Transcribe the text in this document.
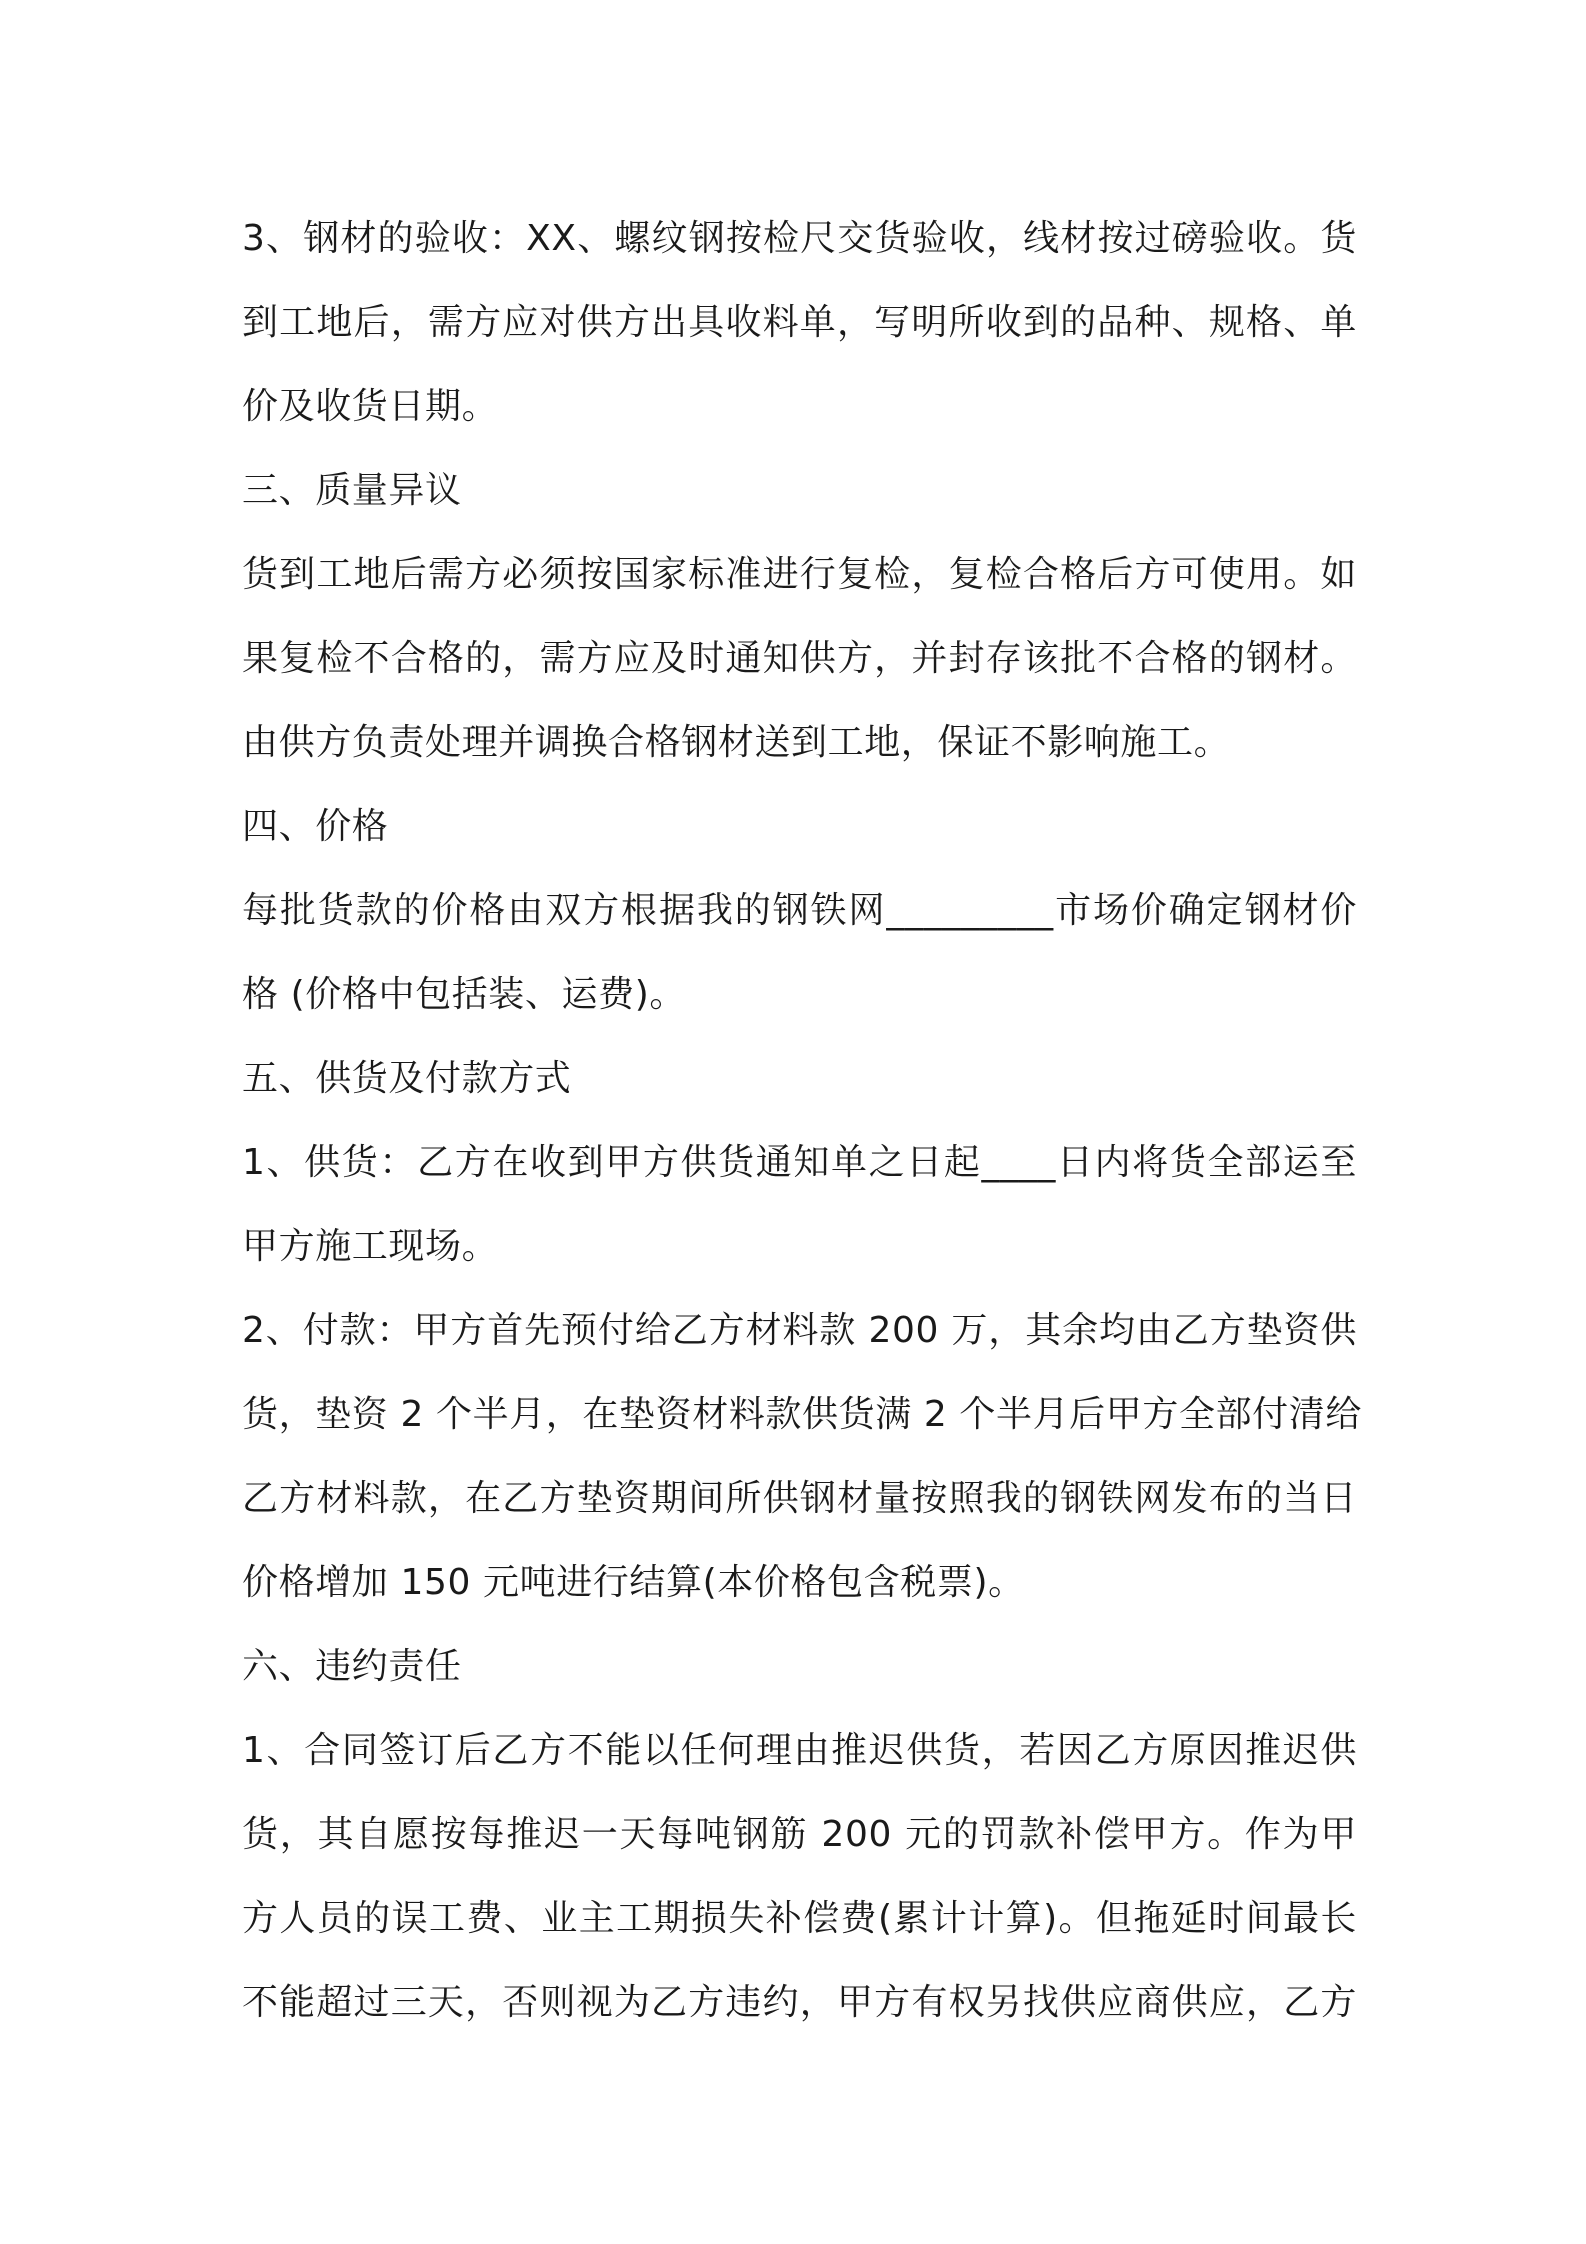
3、钢材的验收：XX、螺纹钢按检尺交货验收，线材按过磅验收。货
到工地后，需方应对供方出具收料单，写明所收到的品种、规格、单
价及收货日期。
三、质量异议
货到工地后需方必须按国家标准进行复检，复检合格后方可使用。如
果复检不合格的，需方应及时通知供方，并封存该批不合格的钢材。
由供方负责处理并调换合格钢材送到工地，保证不影响施工。
四、价格
每批货款的价格由双方根据我的钢铁网_________市场价确定钢材价
格 (价格中包括装、运费)。
五、供货及付款方式
1、供货：乙方在收到甲方供货通知单之日起____日内将货全部运至
甲方施工现场。
2、付款：甲方首先预付给乙方材料款 200 万，其余均由乙方垫资供
货，垫资 2 个半月，在垫资材料款供货满 2 个半月后甲方全部付清给
乙方材料款，在乙方垫资期间所供钢材量按照我的钢铁网发布的当日
价格增加 150 元吨进行结算(本价格包含税票)。
六、违约责任
1、合同签订后乙方不能以任何理由推迟供货，若因乙方原因推迟供
货，其自愿按每推迟一天每吨钢筋 200 元的罚款补偿甲方。作为甲
方人员的误工费、业主工期损失补偿费(累计计算)。但拖延时间最长
不能超过三天，否则视为乙方违约，甲方有权另找供应商供应，乙方
